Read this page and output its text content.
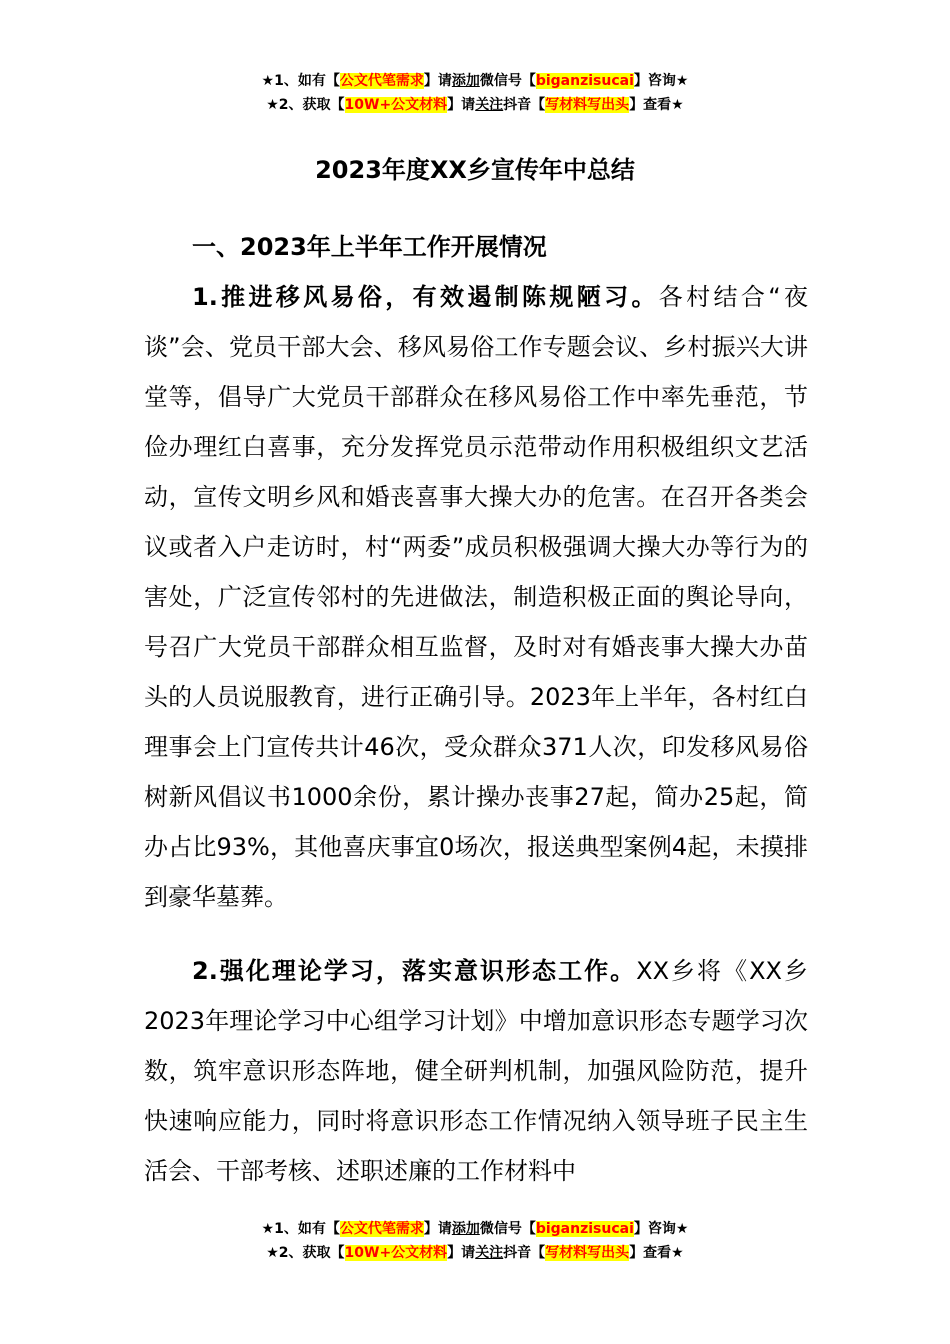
★1、如有【公文代笔需求】请添加微信号【biganzisucai】咨询★
★2、获取【10W+公文材料】请关注抖音【写材料写出头】查看★
2023年度XX乡宣传年中总结
一、2023年上半年工作开展情况

1.推进移风易俗，有效遏制陈规陋习。各村结合“夜谈”会、党员干部大会、移风易俗工作专题会议、乡村振兴大讲堂等，倡导广大党员干部群众在移风易俗工作中率先垂范，节俭办理红白喜事，充分发挥党员示范带动作用积极组织文艺活动，宣传文明乡风和婚丧喜事大操大办的危害。在召开各类会议或者入户走访时，村“两委”成员积极强调大操大办等行为的害处，广泛宣传邻村的先进做法，制造积极正面的舆论导向，号召广大党员干部群众相互监督，及时对有婚丧事大操大办苗头的人员说服教育，进行正确引导。2023年上半年，各村红白理事会上门宣传共计46次，受众群众371人次，印发移风易俗树新风倡议书1000余份，累计操办丧事27起，简办25起，简办占比93%，其他喜庆事宜0场次，报送典型案例4起，未摸排到豪华墓葬。

2.强化理论学习，落实意识形态工作。XX乡将《XX乡2023年理论学习中心组学习计划》中增加意识形态专题学习次数，筑牢意识形态阵地，健全研判机制，加强风险防范，提升快速响应能力，同时将意识形态工作情况纳入领导班子民主生活会、干部考核、述职述廉的工作材料中

★1、如有【公文代笔需求】请添加微信号【biganzisucai】咨询★
★2、获取【10W+公文材料】请关注抖音【写材料写出头】查看★
